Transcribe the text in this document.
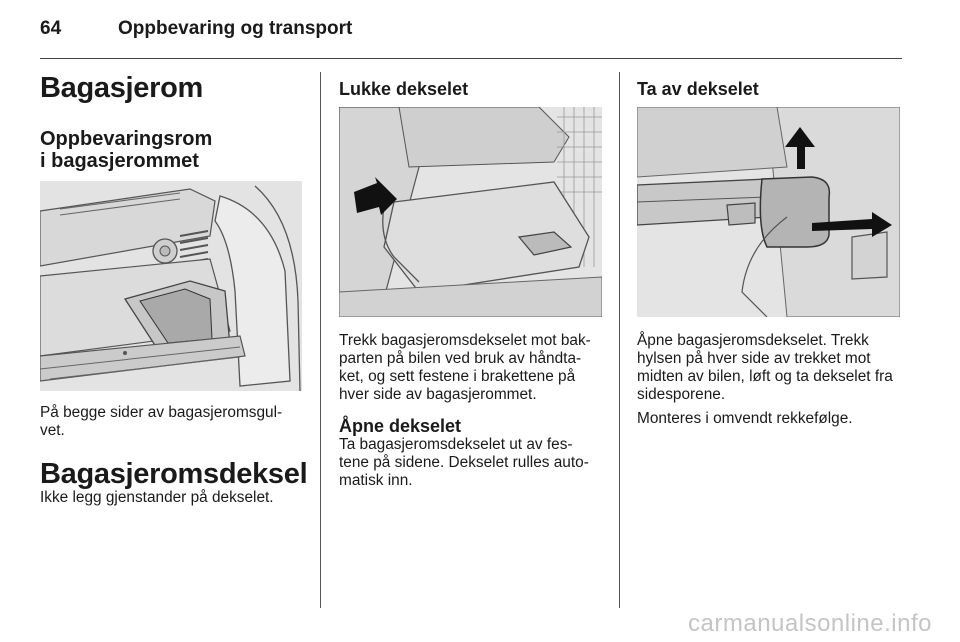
64	Oppbevaring og transport
Bagasjerom
Oppbevaringsrom
i bagasjerommet
På begge sider av bagasjeromsgul-
vet.
Bagasjeromsdeksel
Ikke legg gjenstander på dekselet.
Lukke dekselet
Trekk bagasjeromsdekselet mot bak-
parten på bilen ved bruk av håndta-
ket, og sett festene i brakettene på
hver side av bagasjerommet.
Åpne dekselet
Ta bagasjeromsdekselet ut av fes-
tene på sidene. Dekselet rulles auto-
matisk inn.
Ta av dekselet
Åpne bagasjeromsdekselet. Trekk
hylsen på hver side av trekket mot
midten av bilen, løft og ta dekselet fra
sidesporene.
Monteres i omvendt rekkefølge.
carmanualsonline.info
